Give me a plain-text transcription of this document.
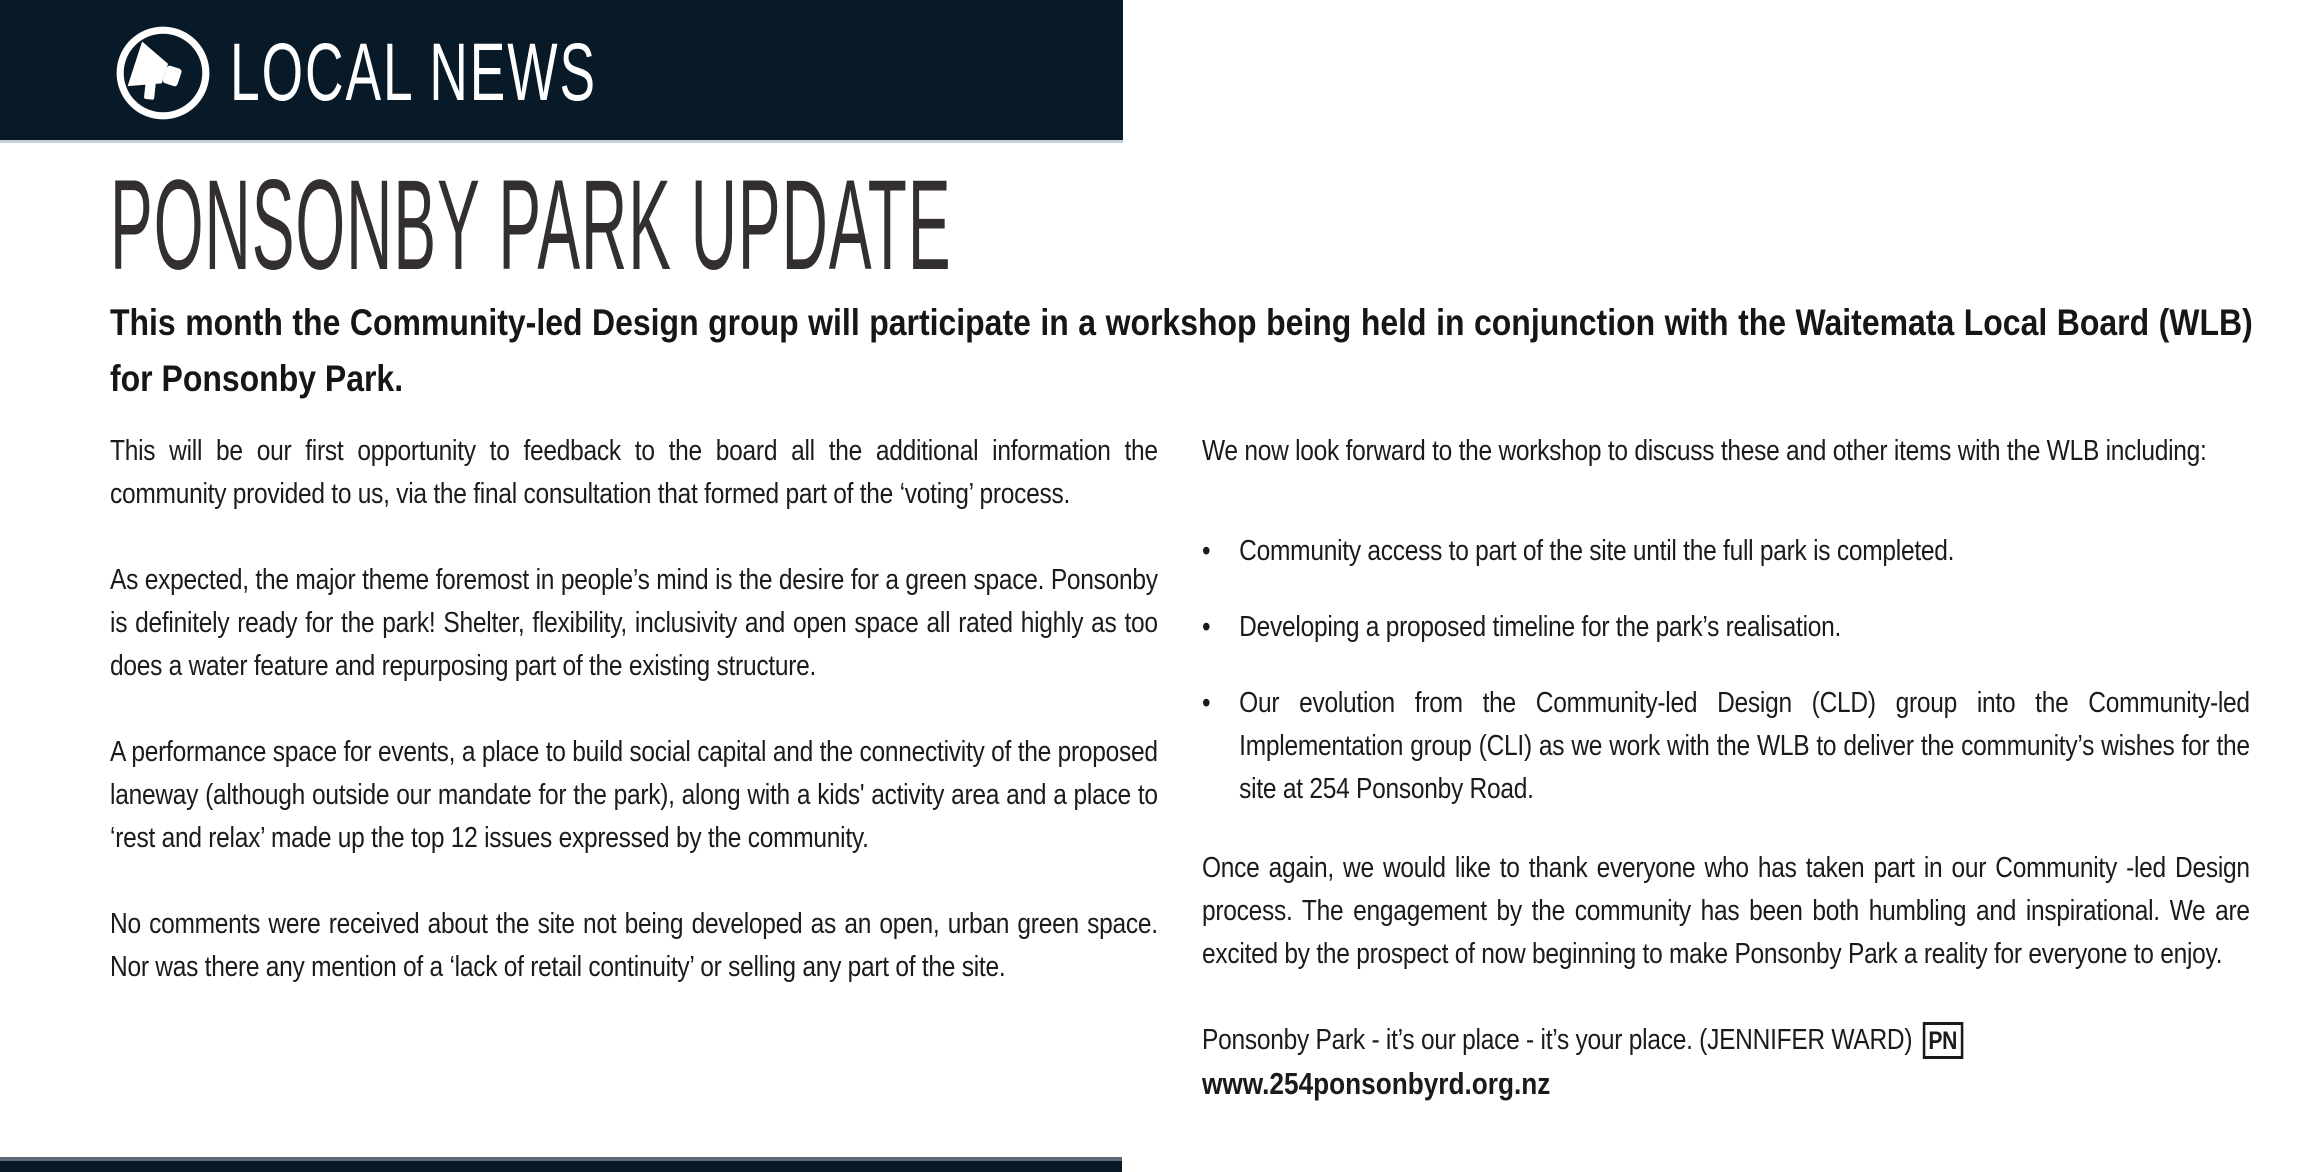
LOCAL NEWS
PONSONBY PARK UPDATE
This month the Community-led Design group will participate in a workshop being held in conjunction with the Waitemata Local Board (WLB) for Ponsonby Park.

This will be our first opportunity to feedback to the board all the additional information the community provided to us, via the final consultation that formed part of the ‘voting’ process.

As expected, the major theme foremost in people’s mind is the desire for a green space. Ponsonby is definitely ready for the park! Shelter, flexibility, inclusivity and open space all rated highly as too does a water feature and repurposing part of the existing structure.

A performance space for events, a place to build social capital and the connectivity of the proposed laneway (although outside our mandate for the park), along with a kids' activity area and a place to ‘rest and relax’ made up the top 12 issues expressed by the community.

No comments were received about the site not being developed as an open, urban green space. Nor was there any mention of a ‘lack of retail continuity’ or selling any part of the site.

We now look forward to the workshop to discuss these and other items with the WLB including:

• Community access to part of the site until the full park is completed.
• Developing a proposed timeline for the park’s realisation.
• Our evolution from the Community-led Design (CLD) group into the Community-led Implementation group (CLI) as we work with the WLB to deliver the community’s wishes for the site at 254 Ponsonby Road.

Once again, we would like to thank everyone who has taken part in our Community -led Design process. The engagement by the community has been both humbling and inspirational. We are excited by the prospect of now beginning to make Ponsonby Park a reality for everyone to enjoy.

Ponsonby Park - it’s our place - it’s your place. (JENNIFER WARD) PN
www.254ponsonbyrd.org.nz
